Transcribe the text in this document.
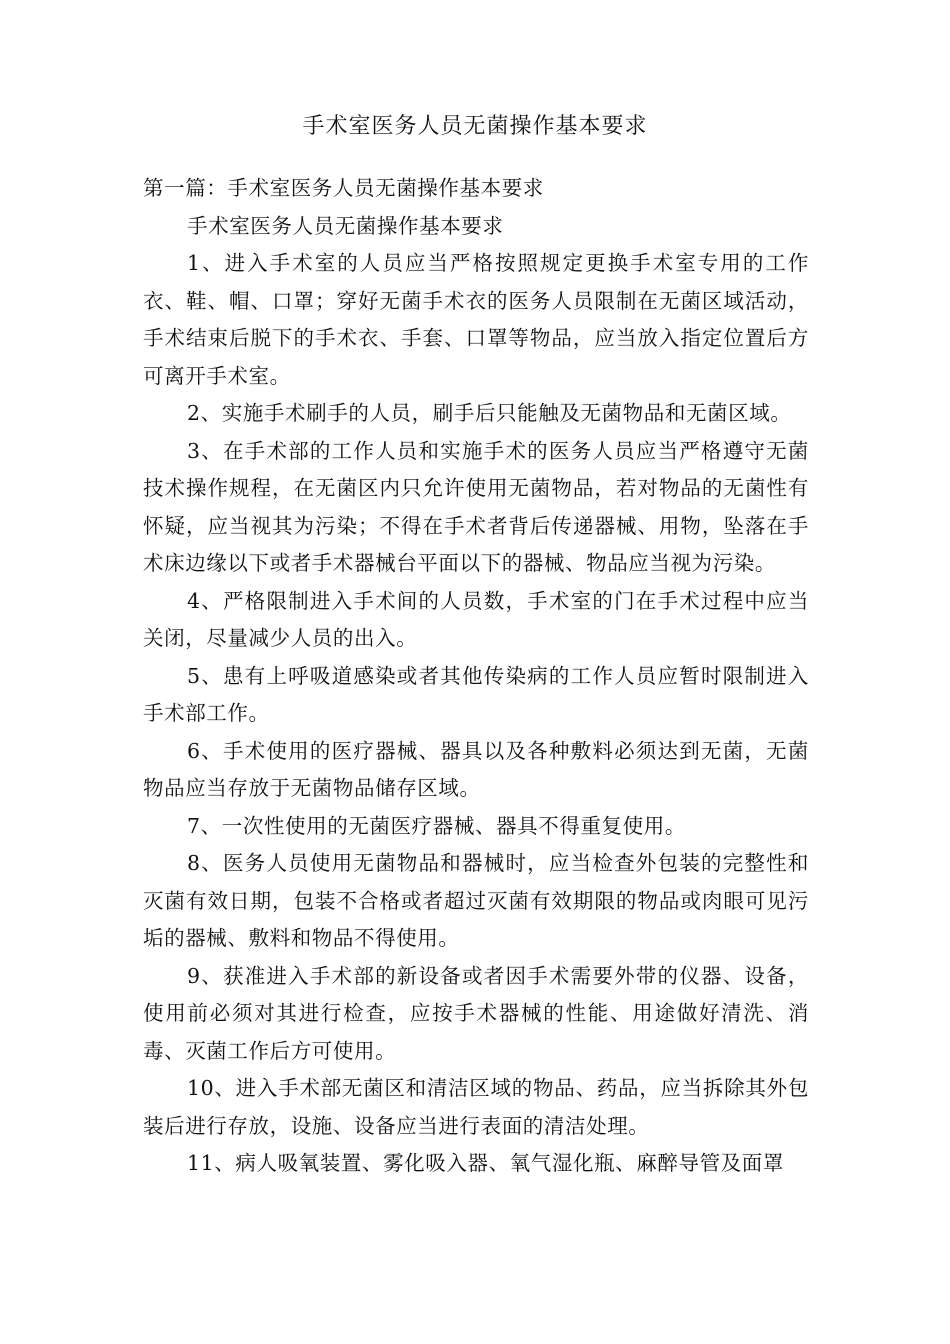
手术室医务人员无菌操作基本要求

第一篇：手术室医务人员无菌操作基本要求

手术室医务人员无菌操作基本要求

1、进入手术室的人员应当严格按照规定更换手术室专用的工作衣、鞋、帽、口罩；穿好无菌手术衣的医务人员限制在无菌区域活动，手术结束后脱下的手术衣、手套、口罩等物品，应当放入指定位置后方可离开手术室。

2、实施手术刷手的人员，刷手后只能触及无菌物品和无菌区域。

3、在手术部的工作人员和实施手术的医务人员应当严格遵守无菌技术操作规程，在无菌区内只允许使用无菌物品，若对物品的无菌性有怀疑，应当视其为污染；不得在手术者背后传递器械、用物，坠落在手术床边缘以下或者手术器械台平面以下的器械、物品应当视为污染。

4、严格限制进入手术间的人员数，手术室的门在手术过程中应当关闭，尽量减少人员的出入。

5、患有上呼吸道感染或者其他传染病的工作人员应暂时限制进入手术部工作。

6、手术使用的医疗器械、器具以及各种敷料必须达到无菌，无菌物品应当存放于无菌物品储存区域。

7、一次性使用的无菌医疗器械、器具不得重复使用。

8、医务人员使用无菌物品和器械时，应当检查外包装的完整性和灭菌有效日期，包装不合格或者超过灭菌有效期限的物品或肉眼可见污垢的器械、敷料和物品不得使用。

9、获准进入手术部的新设备或者因手术需要外带的仪器、设备，使用前必须对其进行检查，应按手术器械的性能、用途做好清洗、消毒、灭菌工作后方可使用。

10、进入手术部无菌区和清洁区域的物品、药品，应当拆除其外包装后进行存放，设施、设备应当进行表面的清洁处理。

11、病人吸氧装置、雾化吸入器、氧气湿化瓶、麻醉导管及面罩
